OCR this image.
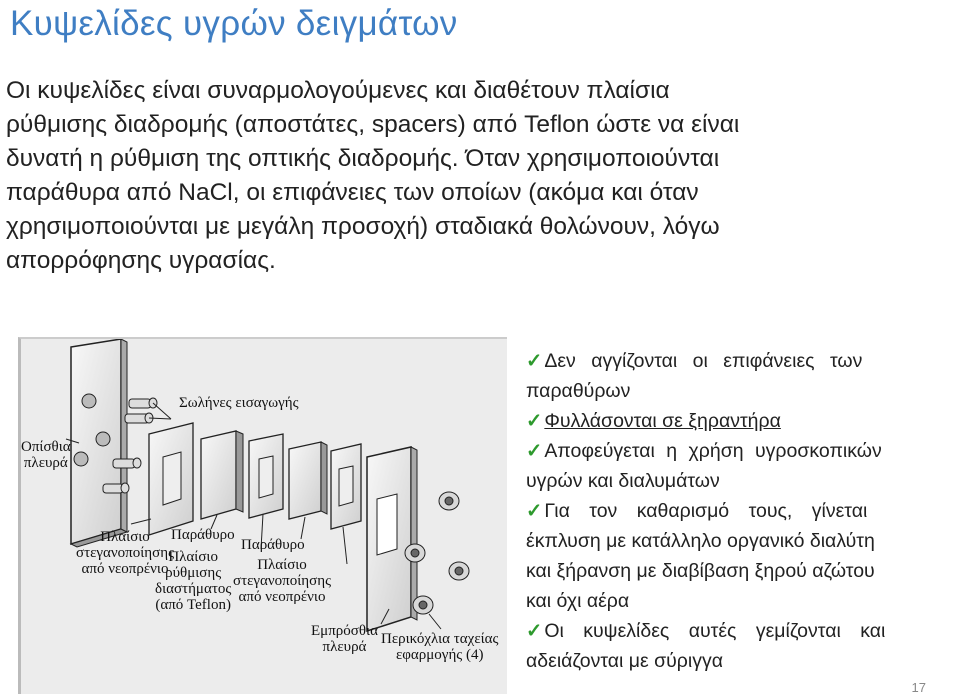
Κυψελίδες υγρών δειγμάτων
Οι κυψελίδες είναι συναρμολογούμενες και διαθέτουν πλαίσια
ρύθμισης διαδρομής (αποστάτες, spacers) από Teflon ώστε να είναι
δυνατή η ρύθμιση της οπτικής διαδρομής. Όταν χρησιμοποιούνται
παράθυρα από NaCl, οι επιφάνειες των οποίων (ακόμα και όταν
χρησιμοποιούνται με μεγάλη προσοχή) σταδιακά θολώνουν, λόγω
απορρόφησης υγρασίας.
Σωλήνες εισαγωγής
Οπίσθια
πλευρά
Πλαίσιο
στεγανοποίησης
από νεοπρένιο
Παράθυρο
Πλαίσιο
ρύθμισης
διαστήματος
(από Teflon)
Παράθυρο
Πλαίσιο
στεγανοποίησης
από νεοπρένιο
Εμπρόσθια
πλευρά Περικόχλια ταχείας
εφαρμογής (4)
✓ Δεν αγγίζονται οι επιφάνειες των
παραθύρων
✓ Φυλλάσονται σε ξηραντήρα
✓ Αποφεύγεται η χρήση υγροσκοπικών
υγρών και διαλυμάτων
✓ Για τον καθαρισμό τους, γίνεται
έκπλυση με κατάλληλο οργανικό διαλύτη
και ξήρανση με διαβίβαση ξηρού αζώτου
και όχι αέρα
✓ Οι κυψελίδες αυτές γεμίζονται και
αδειάζονται με σύριγγα
17
